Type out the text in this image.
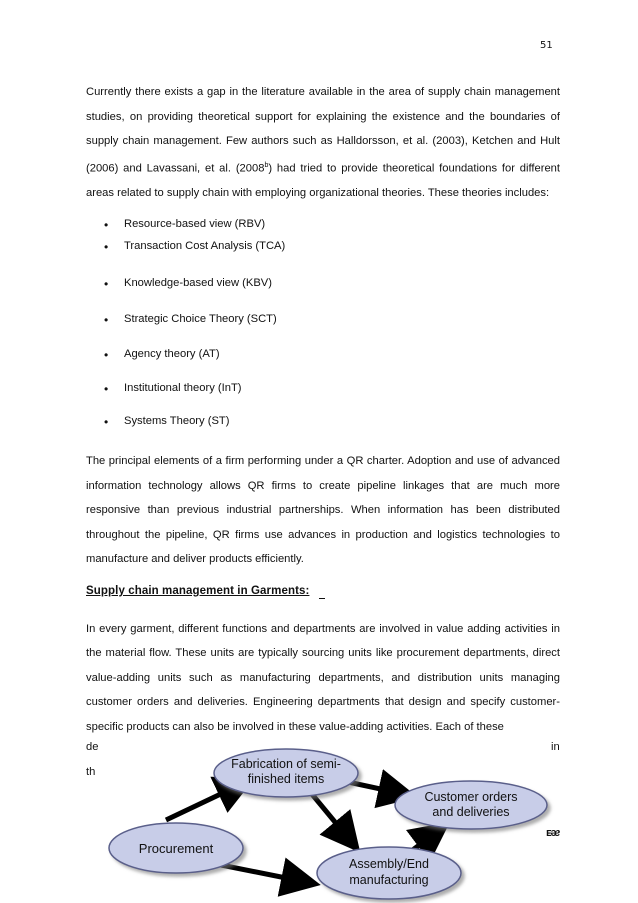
51

Currently there exists a gap in the literature available in the area of supply chain management studies, on providing theoretical support for explaining the existence and the boundaries of supply chain management. Few authors such as Halldorsson, et al. (2003), Ketchen and Hult (2006) and Lavassani, et al. (2008$^b$) had tried to provide theoretical foundations for different areas related to supply chain with employing organizational theories. These theories includes:

• Resource-based view (RBV)
• Transaction Cost Analysis (TCA)
• Knowledge-based view (KBV)
• Strategic Choice Theory (SCT)
• Agency theory (AT)
• Institutional theory (InT)
• Systems Theory (ST)

The principal elements of a firm performing under a QR charter. Adoption and use of advanced information technology allows QR firms to create pipeline linkages that are much more responsive than previous industrial partnerships. When information has been distributed throughout the pipeline, QR firms use advances in production and logistics technologies to manufacture and deliver products efficiently.

Supply chain management in Garments:

In every garment, different functions and departments are involved in value adding activities in the material flow. These units are typically sourcing units like procurement departments, direct value-adding units such as manufacturing departments, and distribution units managing customer orders and deliveries. Engineering departments that design and specify customer-specific products can also be involved in these value-adding activities. Each of these

de	in
th
Fabrication of semi-
finished items
Customer orders
and deliveries
Procurement
Assembly/End
manufacturing
ᴇᴂ
